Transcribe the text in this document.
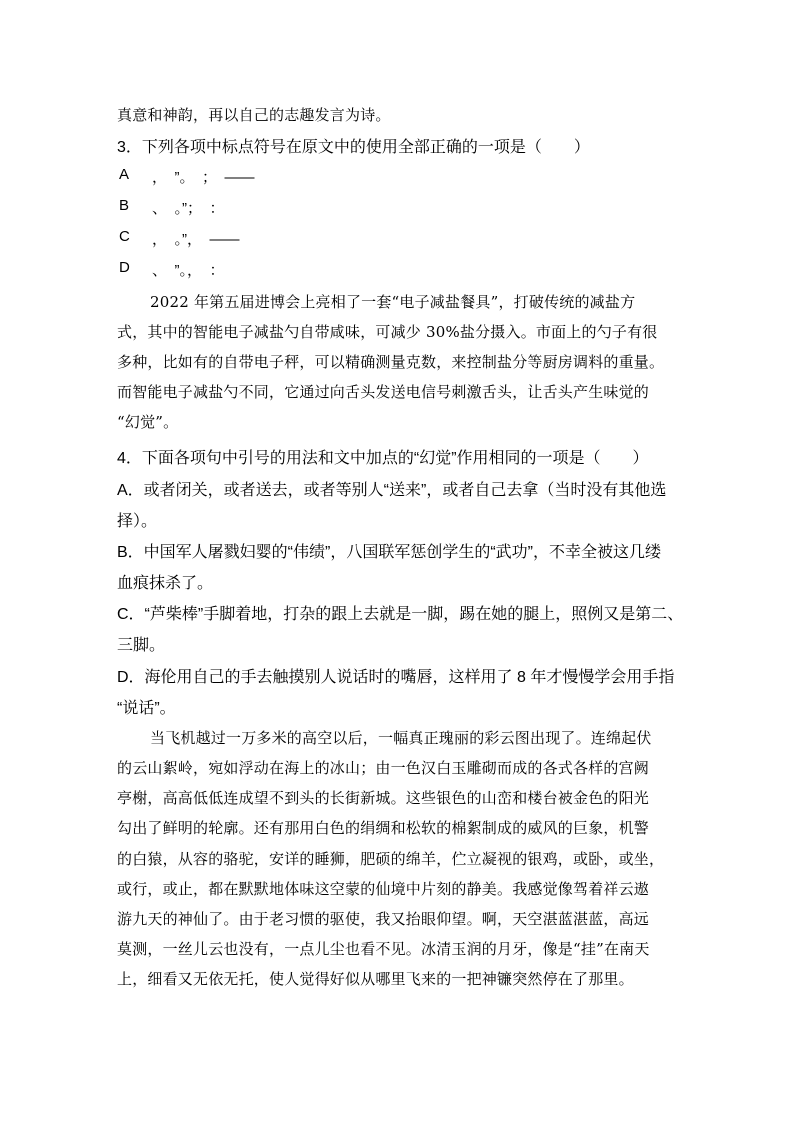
真意和神韵，再以自己的志趣发言为诗。
3．下列各项中标点符号在原文中的使用全部正确的一项是（　　）
A ，　”。　；　——
B 、　。”；　：
C ，　。”，　——
D 、　”。，　：
2022 年第五届进博会上亮相了一套“电子减盐餐具”，打破传统的减盐方
式，其中的智能电子减盐勺自带咸味，可减少 30%盐分摄入。市面上的勺子有很
多种，比如有的自带电子秤，可以精确测量克数，来控制盐分等厨房调料的重量。
而智能电子减盐勺不同，它通过向舌头发送电信号刺激舌头，让舌头产生味觉的
“幻觉”。
4．下面各项句中引号的用法和文中加点的“幻觉”作用相同的一项是（　　）
A．或者闭关，或者送去，或者等别人“送来”，或者自己去拿（当时没有其他选
择）。
B．中国军人屠戮妇婴的“伟绩”，八国联军惩创学生的“武功”，不幸全被这几缕
血痕抹杀了。
C．“芦柴棒”手脚着地，打杂的跟上去就是一脚，踢在她的腿上，照例又是第二、
三脚。
D．海伦用自己的手去触摸别人说话时的嘴唇，这样用了 8 年才慢慢学会用手指
“说话”。
当飞机越过一万多米的高空以后，一幅真正瑰丽的彩云图出现了。连绵起伏
的云山絮岭，宛如浮动在海上的冰山；由一色汉白玉雕砌而成的各式各样的宫阙
亭榭，高高低低连成望不到头的长街新城。这些银色的山峦和楼台被金色的阳光
勾出了鲜明的轮廓。还有那用白色的绢绸和松软的棉絮制成的威风的巨象，机警
的白猿，从容的骆驼，安详的睡狮，肥硕的绵羊，伫立凝视的银鸡，或卧，或坐，
或行，或止，都在默默地体味这空蒙的仙境中片刻的静美。我感觉像驾着祥云遨
游九天的神仙了。由于老习惯的驱使，我又抬眼仰望。啊，天空湛蓝湛蓝，高远
莫测，一丝儿云也没有，一点儿尘也看不见。冰清玉润的月牙，像是“挂”在南天
上，细看又无依无托，使人觉得好似从哪里飞来的一把神镰突然停在了那里。
